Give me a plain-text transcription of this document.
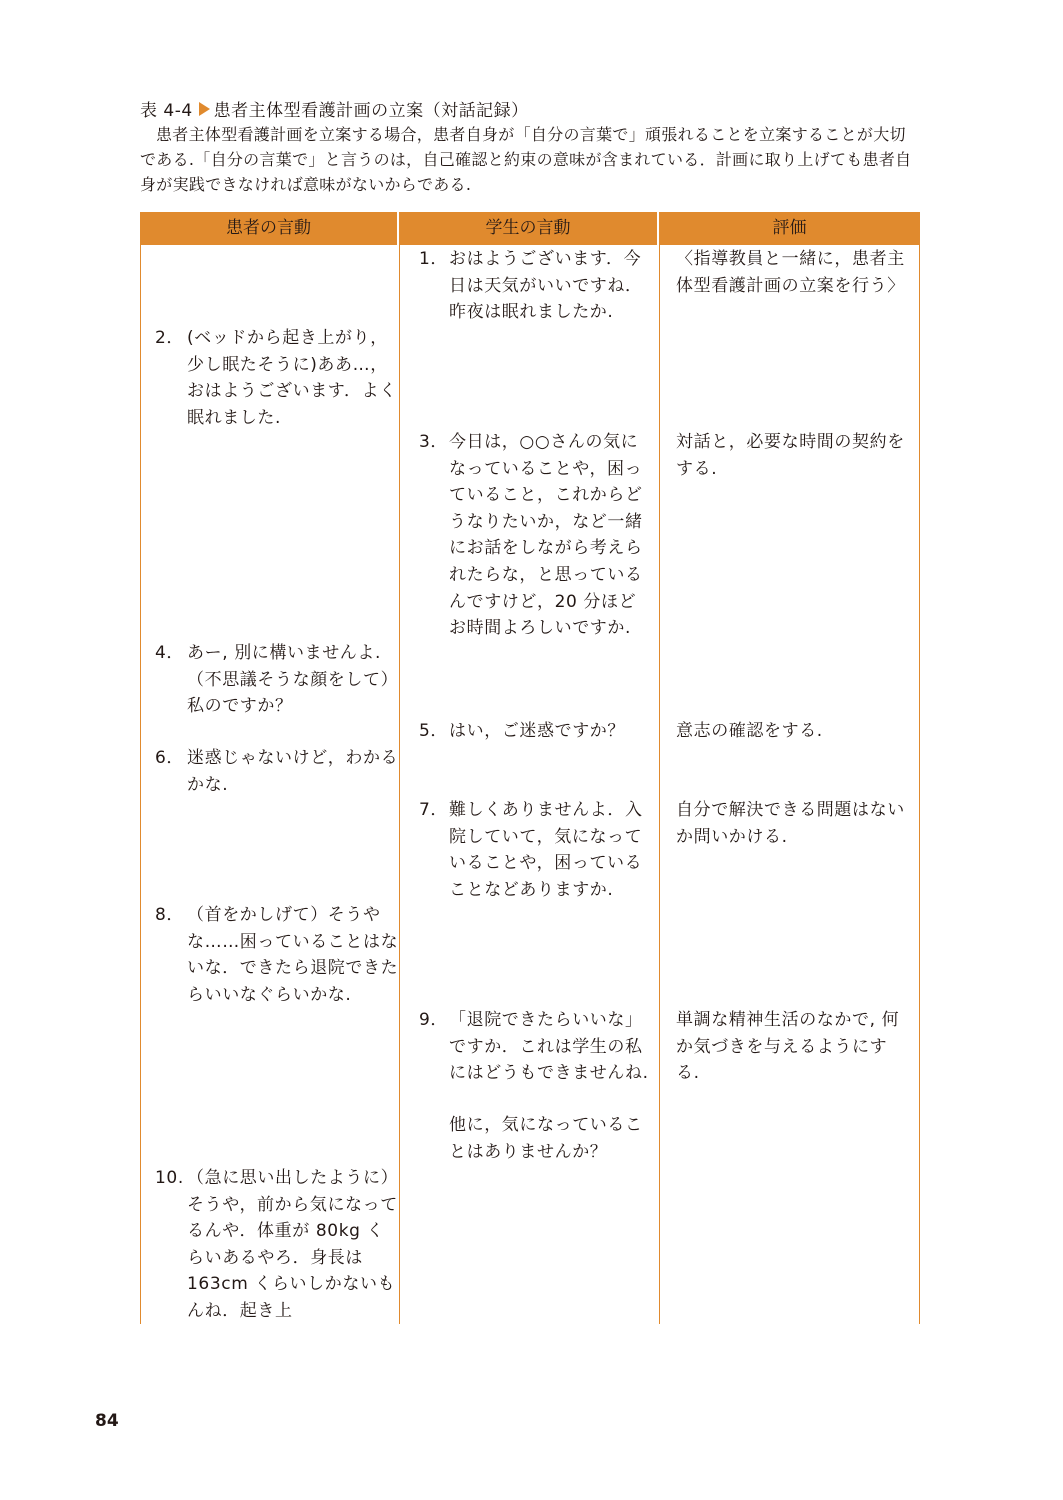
表 4-4 患者主体型看護計画の立案（対話記録）
患者主体型看護計画を立案する場合，患者自身が「自分の言葉で」頑張れることを立案することが大切である.「自分の言葉で」と言うのは，自己確認と約束の意味が含まれている．計画に取り上げても患者自身が実践できなければ意味がないからである.
患者の言動	学生の言動	評価
2． (ベッドから起き上がり，少し眠たそうに)ああ…，おはようございます．よく眠れました.
4． あー, 別に構いませんよ.（不思議そうな顔をして）私のですか？
6． 迷惑じゃないけど，わかるかな.
8． （首をかしげて）そうやな……困っていることはないな．できたら退院できたらいいなぐらいかな.
10. （急に思い出したように）そうや，前から気になってるんや．体重が 80kg くらいあるやろ．身長は 163cm くらいしかないもんね．起き上
1． おはようございます．今日は天気がいいですね．昨夜は眠れましたか.
3． 今日は，○○さんの気になっていることや，困っていること，これからどうなりたいか，など一緒にお話をしながら考えられたらな，と思っているんですけど，20 分ほどお時間よろしいですか.
5． はい，ご迷惑ですか？
7． 難しくありませんよ．入院していて，気になっていることや，困っていることなどありますか.
9． 「退院できたらいいな」ですか．これは学生の私にはどうもできませんね.
他に，気になっていることはありませんか？
〈指導教員と一緒に，患者主体型看護計画の立案を行う〉
対話と，必要な時間の契約をする.
意志の確認をする.
自分で解決できる問題はないか問いかける.
単調な精神生活のなかで, 何か気づきを与えるようにする.
84
